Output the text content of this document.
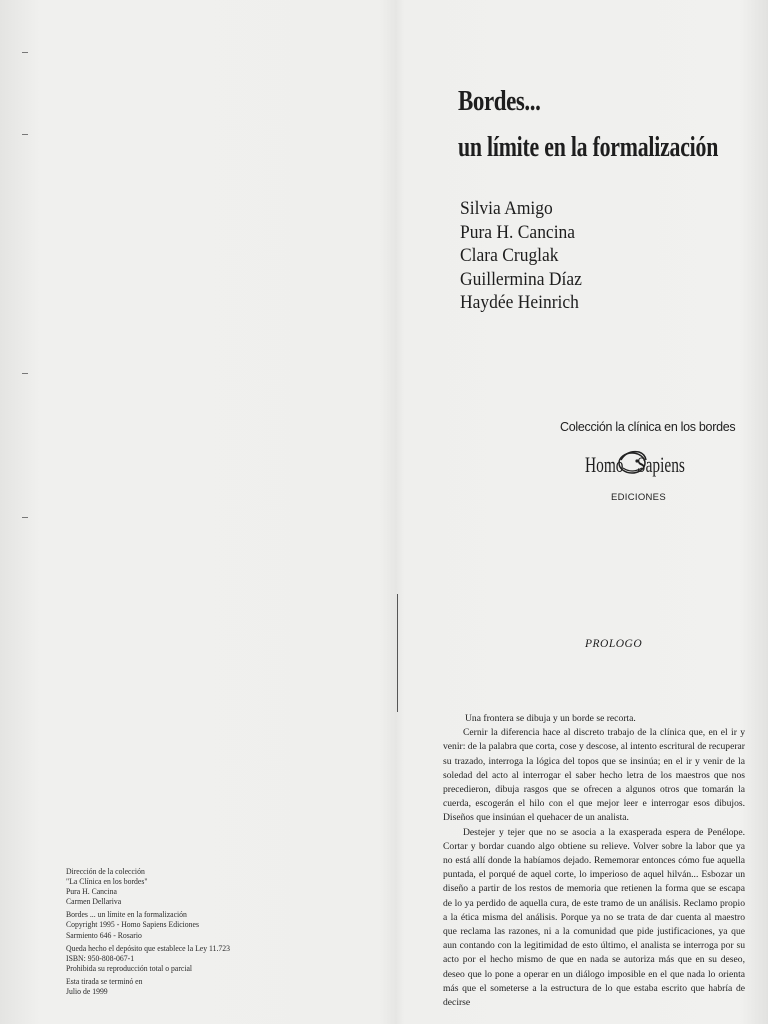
Bordes...
un límite en la formalización
Silvia Amigo
Pura H. Cancina
Clara Cruglak
Guillermina Díaz
Haydée Heinrich
Colección la clínica en los bordes
Homo Sapiens
EDICIONES
Dirección de la colección
"La Clínica en los bordes"
Pura H. Cancina
Carmen Dellariva
Bordes ... un límite en la formalización
Copyright 1995 - Homo Sapiens Ediciones
Sarmiento 646 - Rosario
Queda hecho el depósito que establece la Ley 11.723
ISBN: 950-808-067-1
Prohibida su reproducción total o parcial
Esta tirada se terminó en
Julio de 1999
PROLOGO

Una frontera se dibuja y un borde se recorta.

Cernir la diferencia hace al discreto trabajo de la clínica que, en el ir y venir: de la palabra que corta, cose y descose, al intento escritural de recuperar su trazado, interroga la lógica del topos que se insinúa; en el ir y venir de la soledad del acto al interrogar el saber hecho letra de los maestros que nos precedieron, dibuja rasgos que se ofrecen a algunos otros que tomarán la cuerda, escogerán el hilo con el que mejor leer e interrogar esos dibujos. Diseños que insinúan el quehacer de un analista.

Destejer y tejer que no se asocia a la exasperada espera de Penélope. Cortar y bordar cuando algo obtiene su relieve. Volver sobre la labor que ya no está allí donde la habíamos dejado. Rememorar entonces cómo fue aquella puntada, el porqué de aquel corte, lo imperioso de aquel hilván... Esbozar un diseño a partir de los restos de memoria que retienen la forma que se escapa de lo ya perdido de aquella cura, de este tramo de un análisis. Reclamo propio a la ética misma del análisis. Porque ya no se trata de dar cuenta al maestro que reclama las razones, ni a la comunidad que pide justificaciones, ya que aun contando con la legitimidad de esto último, el analista se interroga por su acto por el hecho mismo de que en nada se autoriza más que en su deseo, deseo que lo pone a operar en un diálogo imposible en el que nada lo orienta más que el someterse a la estructura de lo que estaba escrito que habría de decirse
